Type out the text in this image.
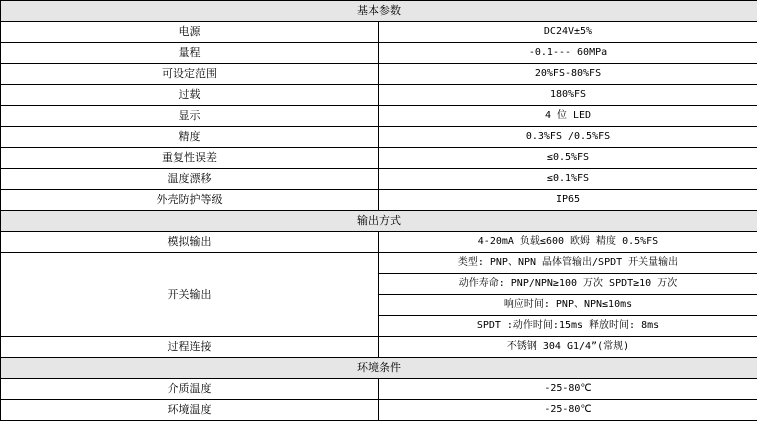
基本参数	
电源	DC24V±5%
量程	-0.1--- 60MPa
可设定范围	20%FS-80%FS
过载	180%FS
显示	4 位 LED
精度	0.3%FS /0.5%FS
重复性误差	≤0.5%FS
温度漂移	≤0.1%FS
外壳防护等级	IP65
输出方式	
模拟输出	4-20mA 负载≤600 欧姆 精度 0.5%FS
开关输出	类型: PNP、NPN 晶体管输出/SPDT 开关量输出
	动作寿命: PNP/NPN≥100 万次 SPDT≥10 万次
	响应时间: PNP、NPN≤10ms
	SPDT :动作时间:15ms 释放时间: 8ms
过程连接	不锈钢 304 G1/4”(常规)
环境条件	
介质温度	-25-80℃
环境温度	-25-80℃
